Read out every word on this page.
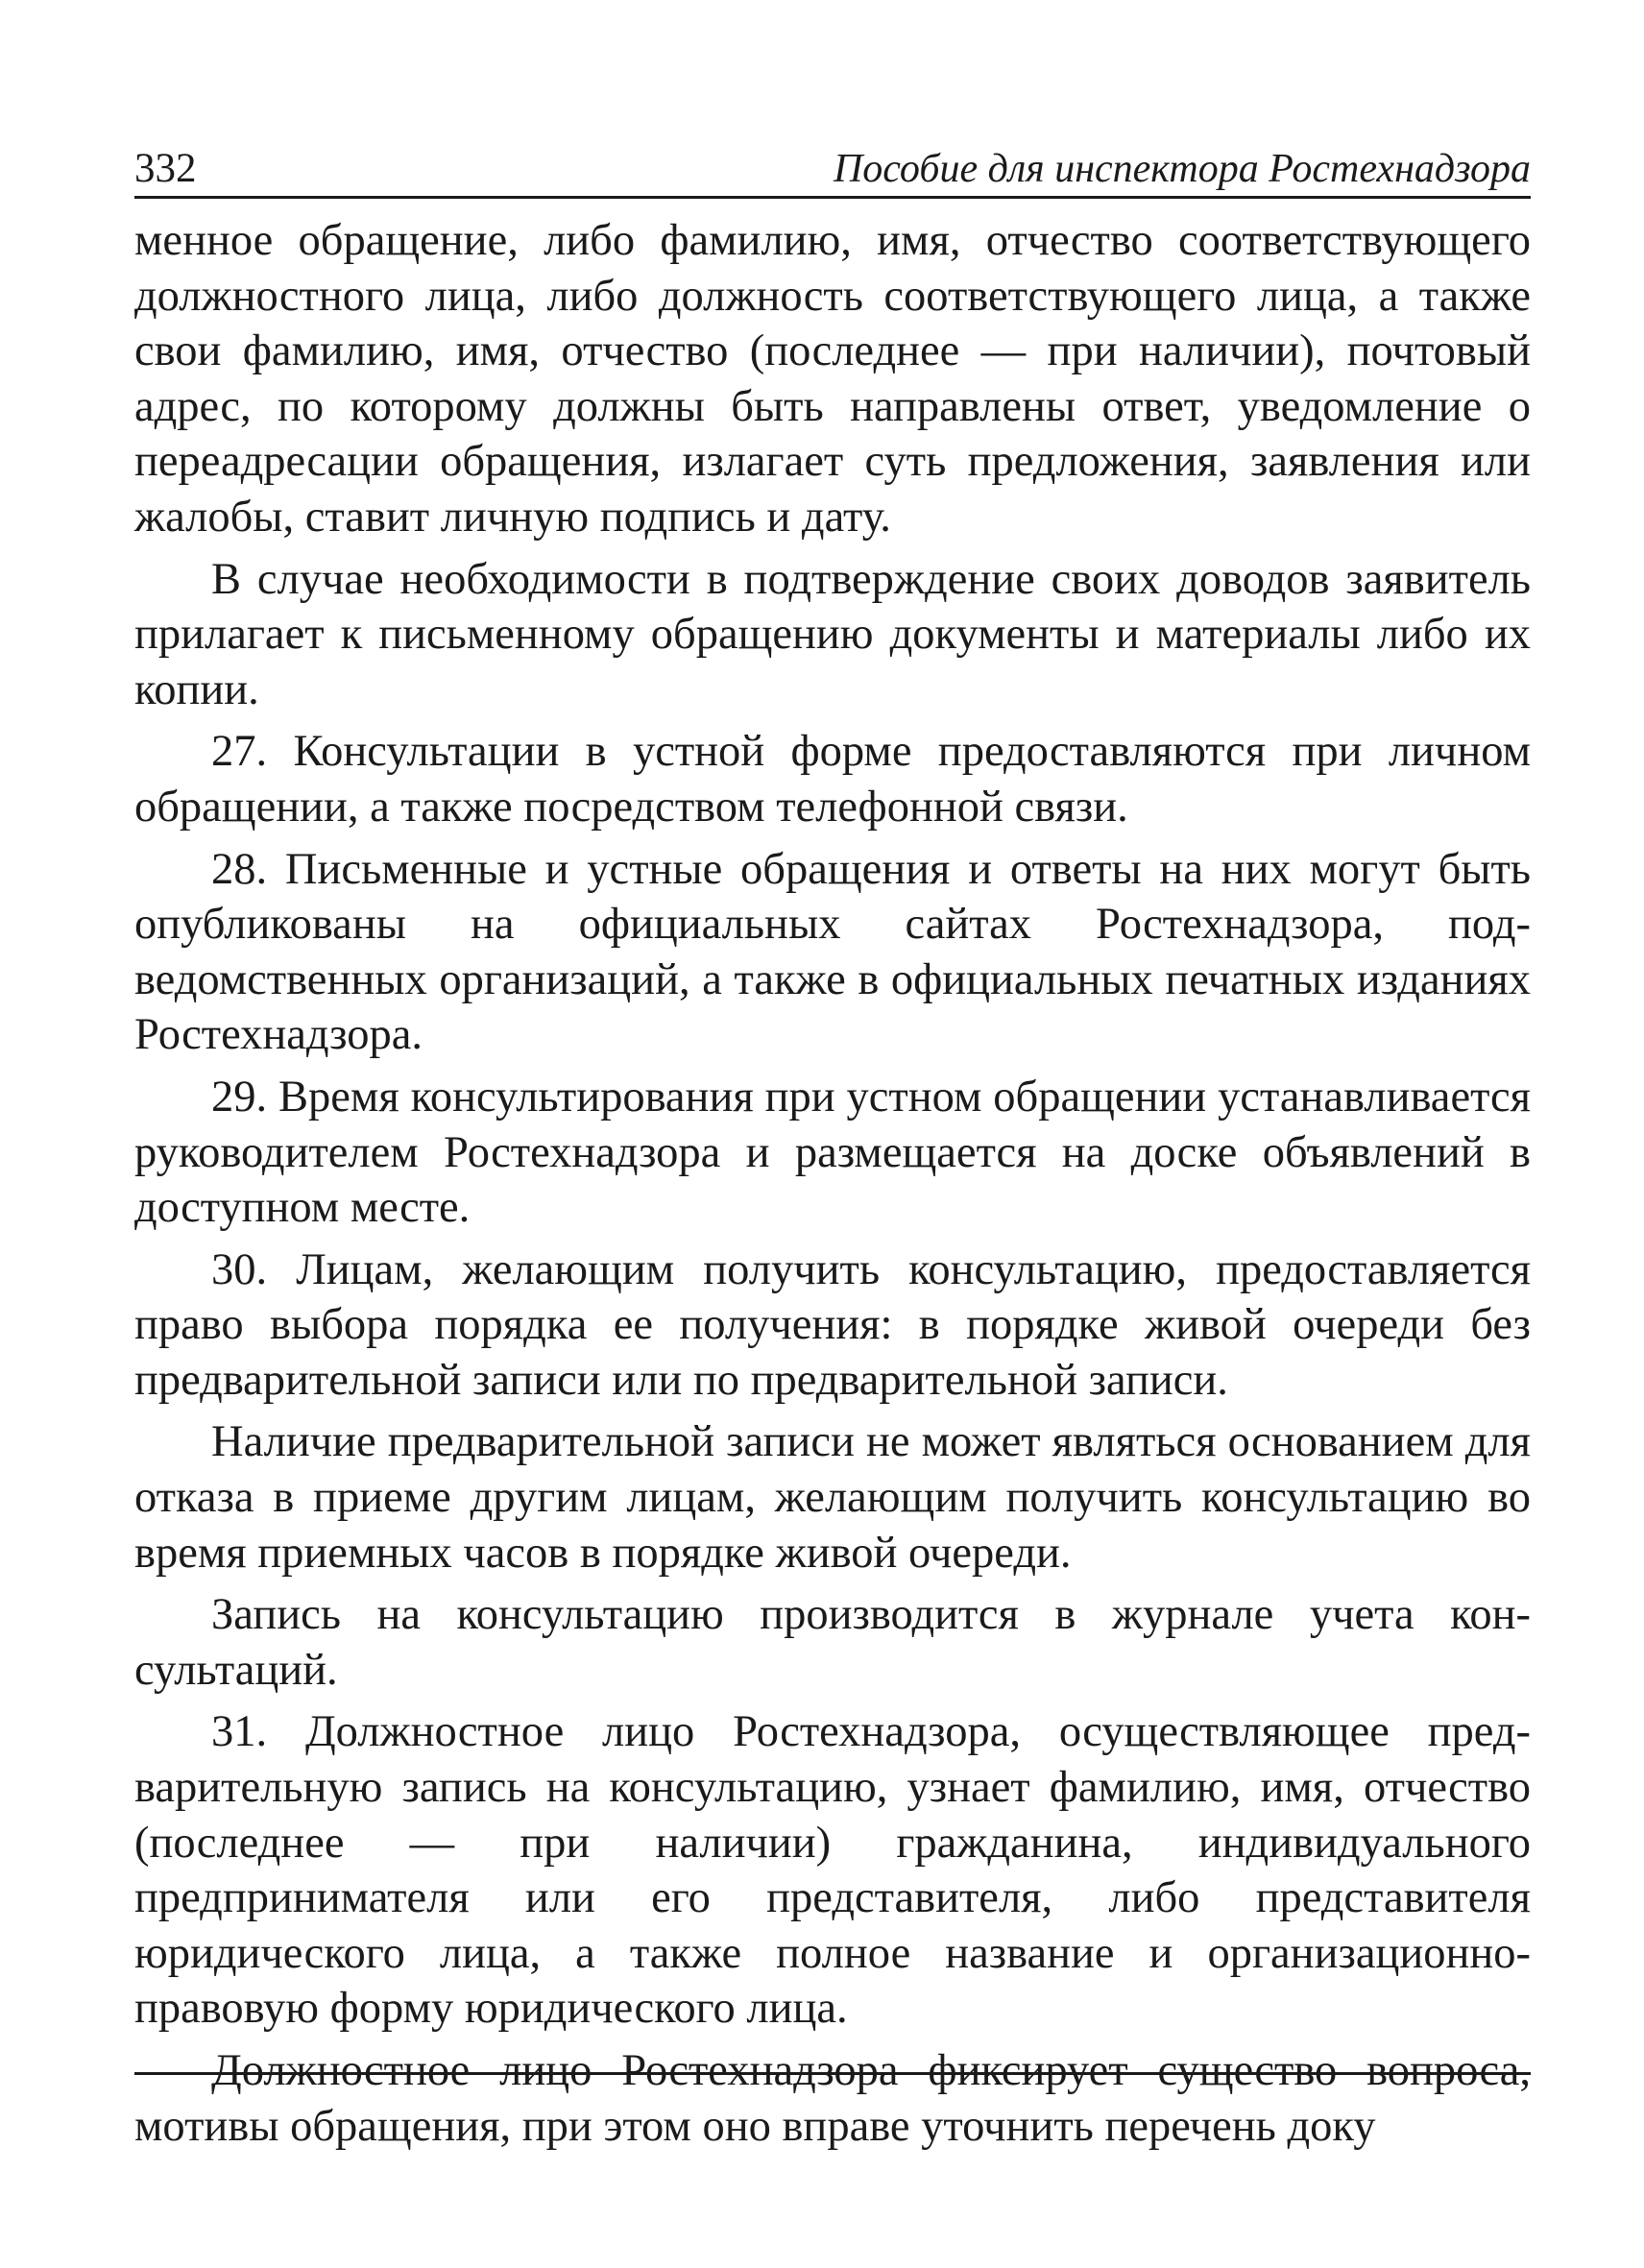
332	Пособие для инспектора Ростехнадзора

менное обращение, либо фамилию, имя, отчество соответствующего должностного лица, либо должность соответствующего лица, а также свои фамилию, имя, отчество (последнее — при наличии), почтовый адрес, по которому должны быть направлены ответ, уведомление о переадресации обращения, излагает суть предложения, заявления или жалобы, ставит личную подпись и дату.

В случае необходимости в подтверждение своих доводов заявитель прилагает к письменному обращению документы и материалы либо их копии.

27. Консультации в устной форме предоставляются при личном обращении, а также посредством телефонной связи.

28. Письменные и устные обращения и ответы на них могут быть опубликованы на официальных сайтах Ростехнадзора, подведомственных организаций, а также в официальных печатных изданиях Ростехнадзора.

29. Время консультирования при устном обращении устанавливается руководителем Ростехнадзора и размещается на доске объявлений в доступном месте.

30. Лицам, желающим получить консультацию, предоставляется право выбора порядка ее получения: в порядке живой очереди без предварительной записи или по предварительной записи.

Наличие предварительной записи не может являться основанием для отказа в приеме другим лицам, желающим получить консультацию во время приемных часов в порядке живой очереди.

Запись на консультацию производится в журнале учета консультаций.

31. Должностное лицо Ростехнадзора, осуществляющее предварительную запись на консультацию, узнает фамилию, имя, отчество (последнее — при наличии) гражданина, индивидуального предпринимателя или его представителя, либо представителя юридического лица, а также полное название и организационноправовую форму юридического лица.

Должностное лицо Ростехнадзора фиксирует существо вопроса, мотивы обращения, при этом оно вправе уточнить перечень доку
